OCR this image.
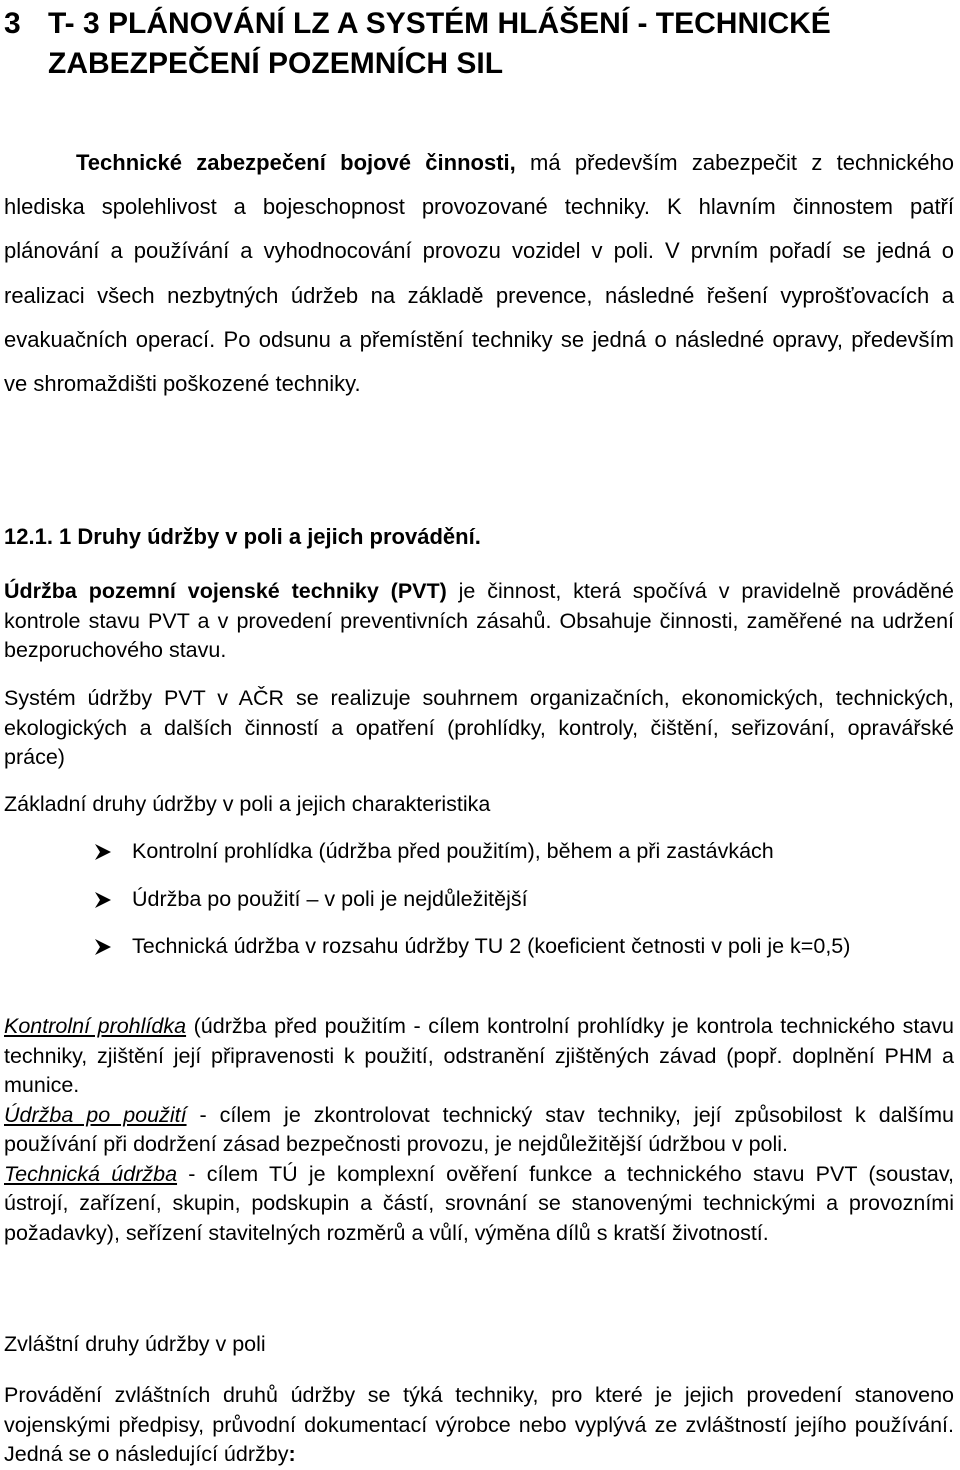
3 T- 3 PLÁNOVÁNÍ LZ A SYSTÉM HLÁŠENÍ - TECHNICKÉ ZABEZPEČENÍ POZEMNÍCH SIL
Technické zabezpečení bojové činnosti, má především zabezpečit z technického hlediska spolehlivost a bojeschopnost provozované techniky. K hlavním činnostem patří plánování a používání a vyhodnocování provozu vozidel v poli. V prvním pořadí se jedná o realizaci všech nezbytných údržeb na základě prevence, následné řešení vyprošťovacích a evakuačních operací. Po odsunu a přemístění techniky se jedná o následné opravy, především ve shromaždišti poškozené techniky.
12.1. 1 Druhy údržby v poli a jejich provádění.
Údržba pozemní vojenské techniky (PVT) je činnost, která spočívá v pravidelně prováděné kontrole stavu PVT a v provedení preventivních zásahů. Obsahuje činnosti, zaměřené na udržení bezporuchového stavu.
Systém údržby PVT v AČR se realizuje souhrnem organizačních, ekonomických, technických, ekologických a dalších činností a opatření (prohlídky, kontroly, čištění, seřizování, opravářské práce)
Základní druhy údržby v poli a jejich charakteristika
Kontrolní prohlídka (údržba před použitím), během a při zastávkách
Údržba po použití – v poli je nejdůležitější
Technická údržba v rozsahu údržby TU 2 (koeficient četnosti v poli je k=0,5)

Kontrolní prohlídka (údržba před použitím - cílem kontrolní prohlídky je kontrola technického stavu techniky, zjištění její připravenosti k použití, odstranění zjištěných závad (popř. doplnění PHM a munice.

Údržba po použití - cílem je zkontrolovat technický stav techniky, její způsobilost k dalšímu používání při dodržení zásad bezpečnosti provozu, je nejdůležitější údržbou v poli.

Technická údržba - cílem TÚ je komplexní ověření funkce a technického stavu PVT (soustav, ústrojí, zařízení, skupin, podskupin a částí, srovnání se stanovenými technickými a provozními požadavky), seřízení stavitelných rozměrů a vůlí, výměna dílů s kratší životností.

Zvláštní druhy údržby v poli
Provádění zvláštních druhů údržby se týká techniky, pro které je jejich provedení stanoveno vojenskými předpisy, průvodní dokumentací výrobce nebo vyplývá ze zvláštností jejího používání. Jedná se o následující údržby:
